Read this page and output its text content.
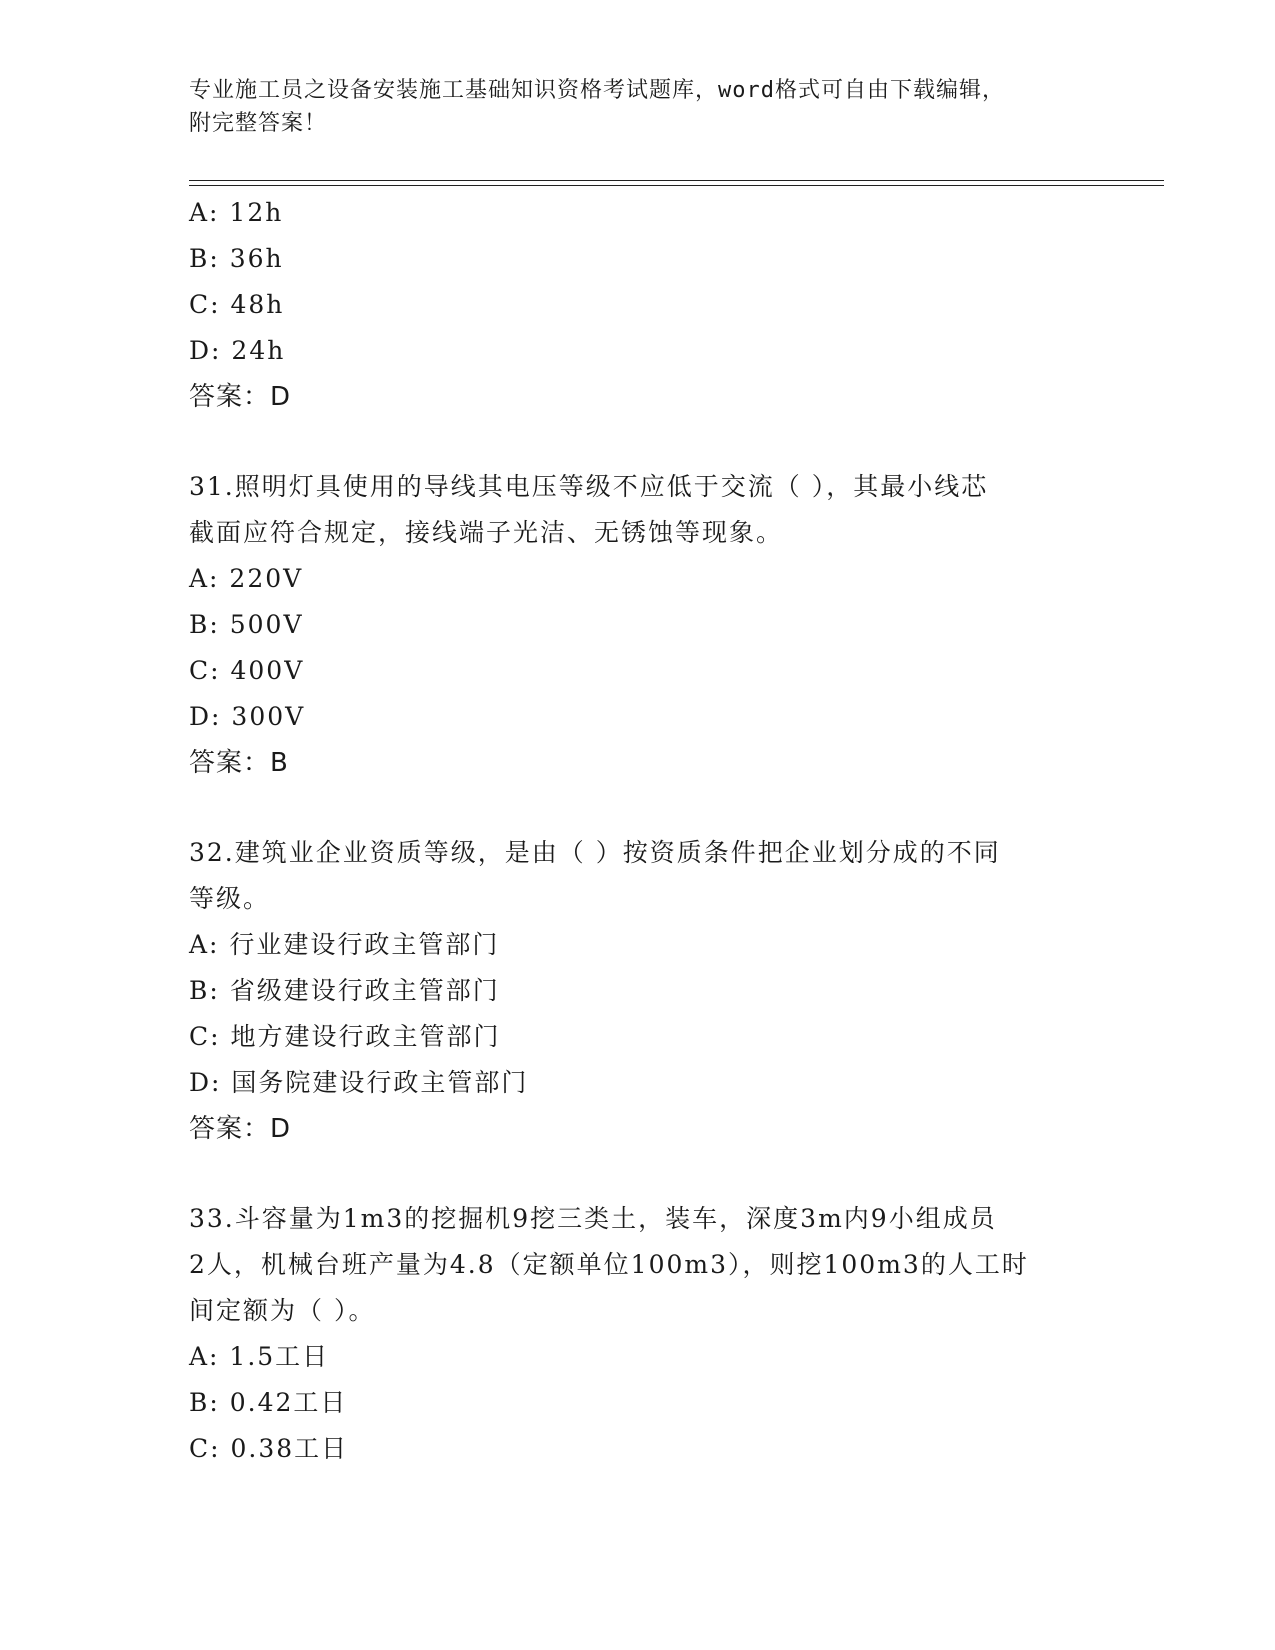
专业施工员之设备安装施工基础知识资格考试题库，word格式可自由下载编辑，
附完整答案！
A: 12h
B: 36h
C: 48h
D: 24h
答案：D
31.照明灯具使用的导线其电压等级不应低于交流（ ），其最小线芯
截面应符合规定，接线端子光洁、无锈蚀等现象。
A: 220V
B: 500V
C: 400V
D: 300V
答案：B
32.建筑业企业资质等级，是由（ ）按资质条件把企业划分成的不同
等级。
A: 行业建设行政主管部门
B: 省级建设行政主管部门
C: 地方建设行政主管部门
D: 国务院建设行政主管部门
答案：D
33.斗容量为1m3的挖掘机9挖三类土，装车，深度3m内9小组成员
2人，机械台班产量为4.8（定额单位100m3），则挖100m3的人工时
间定额为（ ）。
A: 1.5工日
B: 0.42工日
C: 0.38工日
